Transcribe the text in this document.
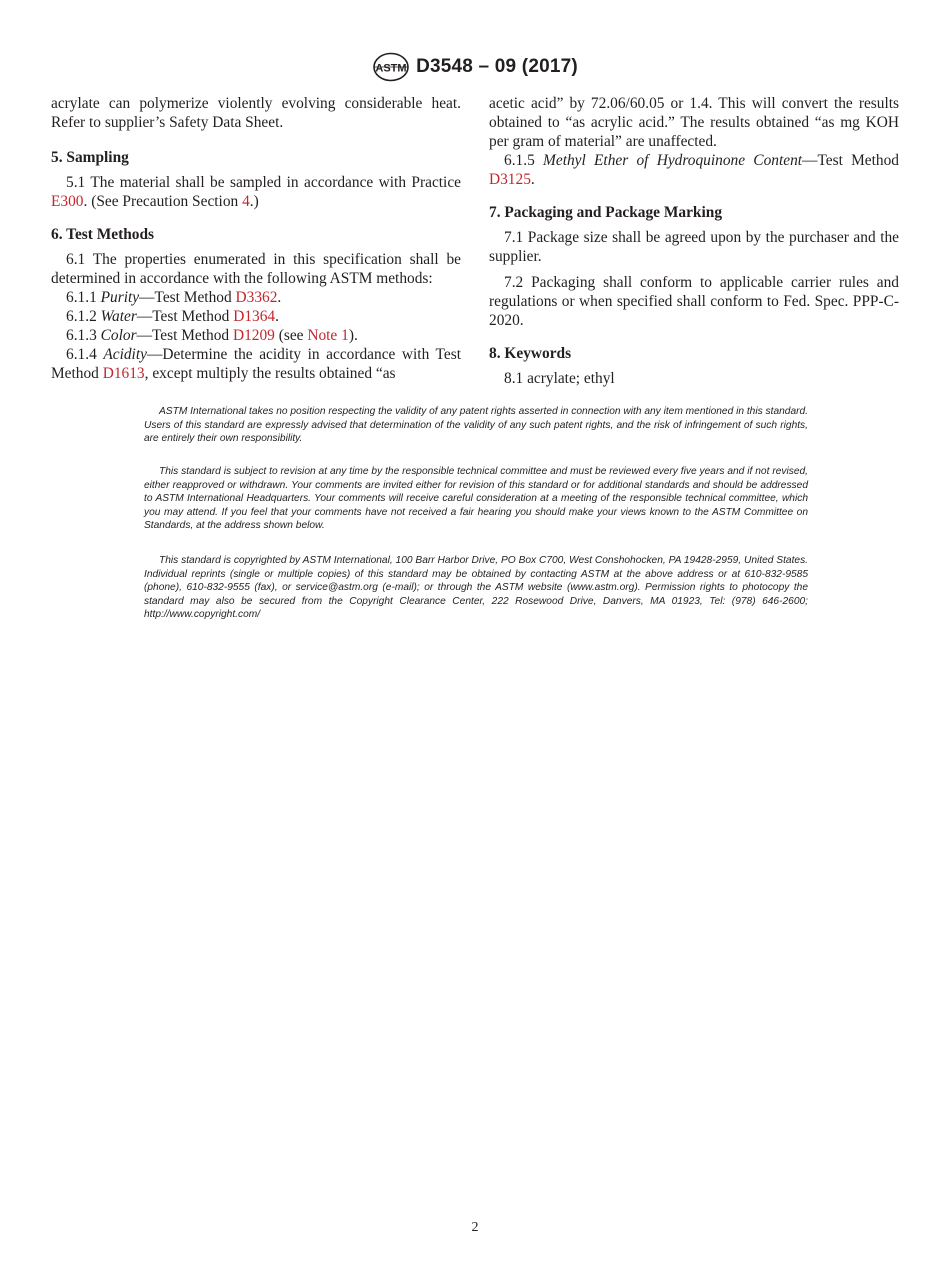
ASTM D3548 – 09 (2017)

acrylate can polymerize violently evolving considerable heat. Refer to supplier’s Safety Data Sheet.

5. Sampling

5.1 The material shall be sampled in accordance with Practice E300. (See Precaution Section 4.)

6. Test Methods

6.1 The properties enumerated in this specification shall be determined in accordance with the following ASTM methods:

6.1.1 Purity—Test Method D3362.

6.1.2 Water—Test Method D1364.

6.1.3 Color—Test Method D1209 (see Note 1).

6.1.4 Acidity—Determine the acidity in accordance with Test Method D1613, except multiply the results obtained “as

acetic acid” by 72.06/60.05 or 1.4. This will convert the results obtained to “as acrylic acid.” The results obtained “as mg KOH per gram of material” are unaffected.

6.1.5 Methyl Ether of Hydroquinone Content—Test Method D3125.

7. Packaging and Package Marking

7.1 Package size shall be agreed upon by the purchaser and the supplier.

7.2 Packaging shall conform to applicable carrier rules and regulations or when specified shall conform to Fed. Spec. PPP-C-2020.

8. Keywords

8.1 acrylate; ethyl

ASTM International takes no position respecting the validity of any patent rights asserted in connection with any item mentioned in this standard. Users of this standard are expressly advised that determination of the validity of any such patent rights, and the risk of infringement of such rights, are entirely their own responsibility.

This standard is subject to revision at any time by the responsible technical committee and must be reviewed every five years and if not revised, either reapproved or withdrawn. Your comments are invited either for revision of this standard or for additional standards and should be addressed to ASTM International Headquarters. Your comments will receive careful consideration at a meeting of the responsible technical committee, which you may attend. If you feel that your comments have not received a fair hearing you should make your views known to the ASTM Committee on Standards, at the address shown below.

This standard is copyrighted by ASTM International, 100 Barr Harbor Drive, PO Box C700, West Conshohocken, PA 19428-2959, United States. Individual reprints (single or multiple copies) of this standard may be obtained by contacting ASTM at the above address or at 610-832-9585 (phone), 610-832-9555 (fax), or service@astm.org (e-mail); or through the ASTM website (www.astm.org). Permission rights to photocopy the standard may also be secured from the Copyright Clearance Center, 222 Rosewood Drive, Danvers, MA 01923, Tel: (978) 646-2600; http://www.copyright.com/

2
